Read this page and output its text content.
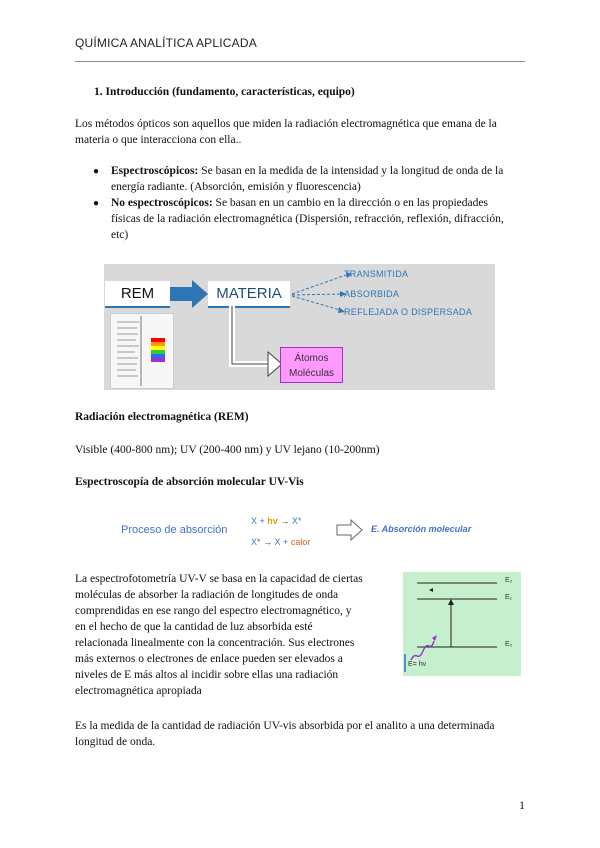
QUÍMICA ANALÍTICA APLICADA
1. Introducción (fundamento, características, equipo)
Los métodos ópticos son aquellos que miden la radiación electromagnética que emana de la
materia o que interacciona con ella..
● Espectroscópicos: Se basan en la medida de la intensidad y la longitud de onda de la
energía radiante. (Absorción, emisión y fluorescencia)
● No espectroscópicos: Se basan en un cambio en la dirección o en las propiedades
físicas de la radiación electromagnética (Dispersión, refracción, reflexión, difracción,
etc)
REM	MATERIA
TRANSMITIDA
ABSORBIDA
REFLEJADA O DISPERSADA
Átomos
Moléculas
Radiación electromagnética (REM)
Visible (400-800 nm); UV (200-400 nm) y UV lejano (10-200nm)
Espectroscopía de absorción molecular UV-Vis
Proceso de absorción
X + hv → X*
X* → X + calor
E. Absorción molecular
La espectrofotometría UV-V se basa en la capacidad de ciertas
moléculas de absorber la radiación de longitudes de onda
comprendidas en ese rango del espectro electromagnético, y
en el hecho de que la cantidad de luz absorbida esté
relacionada linealmente con la concentración. Sus electrones
más externos o electrones de enlace pueden ser elevados a
niveles de E más altos al incidir sobre ellas una radiación
electromagnética apropiada
E₂
E₁
E₀
E= hv
Es la medida de la cantidad de radiación UV-vis absorbida por el analito a una determinada
longitud de onda.
1
